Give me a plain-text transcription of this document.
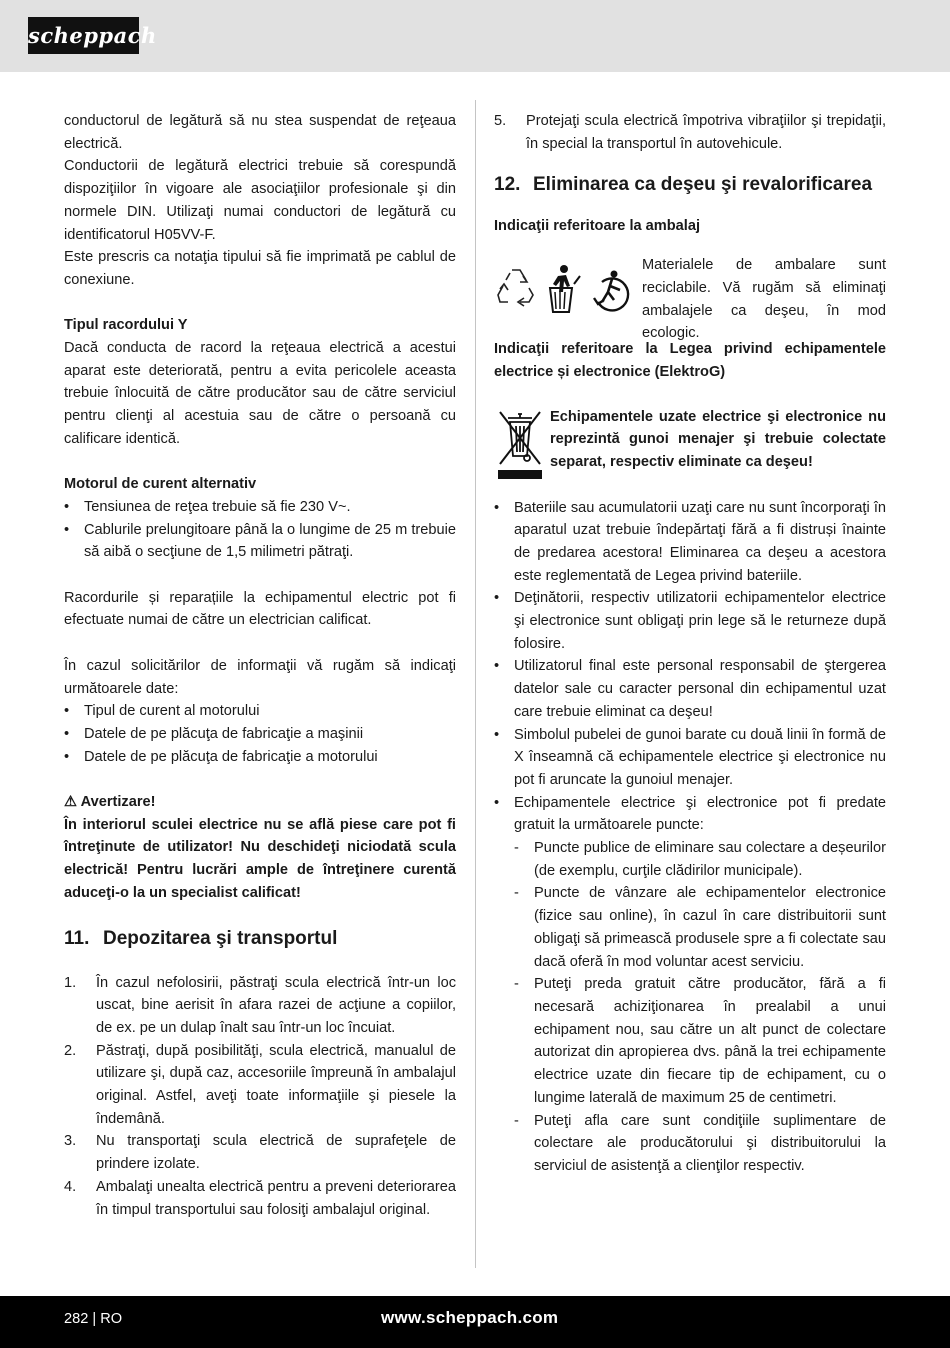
scheppach

conductorul de legătură să nu stea suspendat de reţeaua electrică.

Conductorii de legătură electrici trebuie să corespundă dispoziţiilor în vigoare ale asociaţiilor profesionale şi din normele DIN. Utilizaţi numai conductori de legătură cu identificatorul H05VV-F.

Este prescris ca notaţia tipului să fie imprimată pe cablul de conexiune.

Tipul racordului Y

Dacă conducta de racord la reţeaua electrică a acestui aparat este deteriorată, pentru a evita pericolele aceasta trebuie înlocuită de către producător sau de către serviciul pentru clienţi al acestuia sau de către o persoană cu calificare identică.

Motorul de curent alternativ

• Tensiunea de reţea trebuie să fie 230 V~.
• Cablurile prelungitoare până la o lungime de 25 m trebuie să aibă o secţiune de 1,5 milimetri pătraţi.

Racordurile și reparațiile la echipamentul electric pot fi efectuate numai de către un electrician calificat.

În cazul solicitărilor de informaţii vă rugăm să indicaţi următoarele date:

• Tipul de curent al motorului
• Datele de pe plăcuţa de fabricaţie a maşinii
• Datele de pe plăcuţa de fabricaţie a motorului

⚠ Avertizare!

În interiorul sculei electrice nu se află piese care pot fi întreţinute de utilizator! Nu deschideţi niciodată scula electrică! Pentru lucrări ample de întreţinere curentă aduceţi-o la un specialist calificat!

11. Depozitarea şi transportul
1. În cazul nefolosirii, păstraţi scula electrică într-un loc uscat, bine aerisit în afara razei de acţiune a copiilor, de ex. pe un dulap înalt sau într-un loc încuiat.
2. Păstraţi, după posibilităţi, scula electrică, manualul de utilizare şi, după caz, accesoriile împreună în ambalajul original. Astfel, aveţi toate informaţiile şi piesele la îndemână.
3. Nu transportaţi scula electrică de suprafeţele de prindere izolate.
4. Ambalaţi unealta electrică pentru a preveni deteriorarea în timpul transportului sau folosiţi ambalajul original.
5. Protejaţi scula electrică împotriva vibraţiilor şi trepidaţii, în special la transportul în autovehicule.
12. Eliminarea ca deşeu şi revalorificarea

Indicaţii referitoare la ambalaj

Materialele de ambalare sunt reciclabile. Vă rugăm să eliminaţi ambalajele ca deşeu, în mod ecologic.

Indicaţii referitoare la Legea privind echipamentele electrice și electronice (ElektroG)

Echipamentele uzate electrice şi electronice nu reprezintă gunoi menajer şi trebuie colectate separat, respectiv eliminate ca deşeu!
• Bateriile sau acumulatorii uzaţi care nu sunt încorporaţi în aparatul uzat trebuie îndepărtaţi fără a fi distruși înainte de predarea acestora! Eliminarea ca deşeu a acestora este reglementată de Legea privind bateriile.
• Deţinătorii, respectiv utilizatorii echipamentelor electrice şi electronice sunt obligaţi prin lege să le returneze după folosire.
• Utilizatorul final este personal responsabil de ştergerea datelor sale cu caracter personal din echipamentul uzat care trebuie eliminat ca deşeu!
• Simbolul pubelei de gunoi barate cu două linii în formă de X înseamnă că echipamentele electrice şi electronice nu pot fi aruncate la gunoiul menajer.
• Echipamentele electrice şi electronice pot fi predate gratuit la următoarele puncte:
- Puncte publice de eliminare sau colectare a deșeurilor (de exemplu, curţile clădirilor municipale).
- Puncte de vânzare ale echipamentelor electronice (fizice sau online), în cazul în care distribuitorii sunt obligaţi să primească produsele spre a fi colectate sau dacă oferă în mod voluntar acest serviciu.
- Puteţi preda gratuit către producător, fără a fi necesară achiziţionarea în prealabil a unui echipament nou, sau către un alt punct de colectare autorizat din apropierea dvs. până la trei echipamente electrice uzate din fiecare tip de echipament, cu o lungime laterală de maximum 25 de centimetri.
- Puteţi afla care sunt condiţiile suplimentare de colectare ale producătorului şi distribuitorului la serviciul de asistenţă a clienţilor respectiv.
282 | RO	www.scheppach.com
